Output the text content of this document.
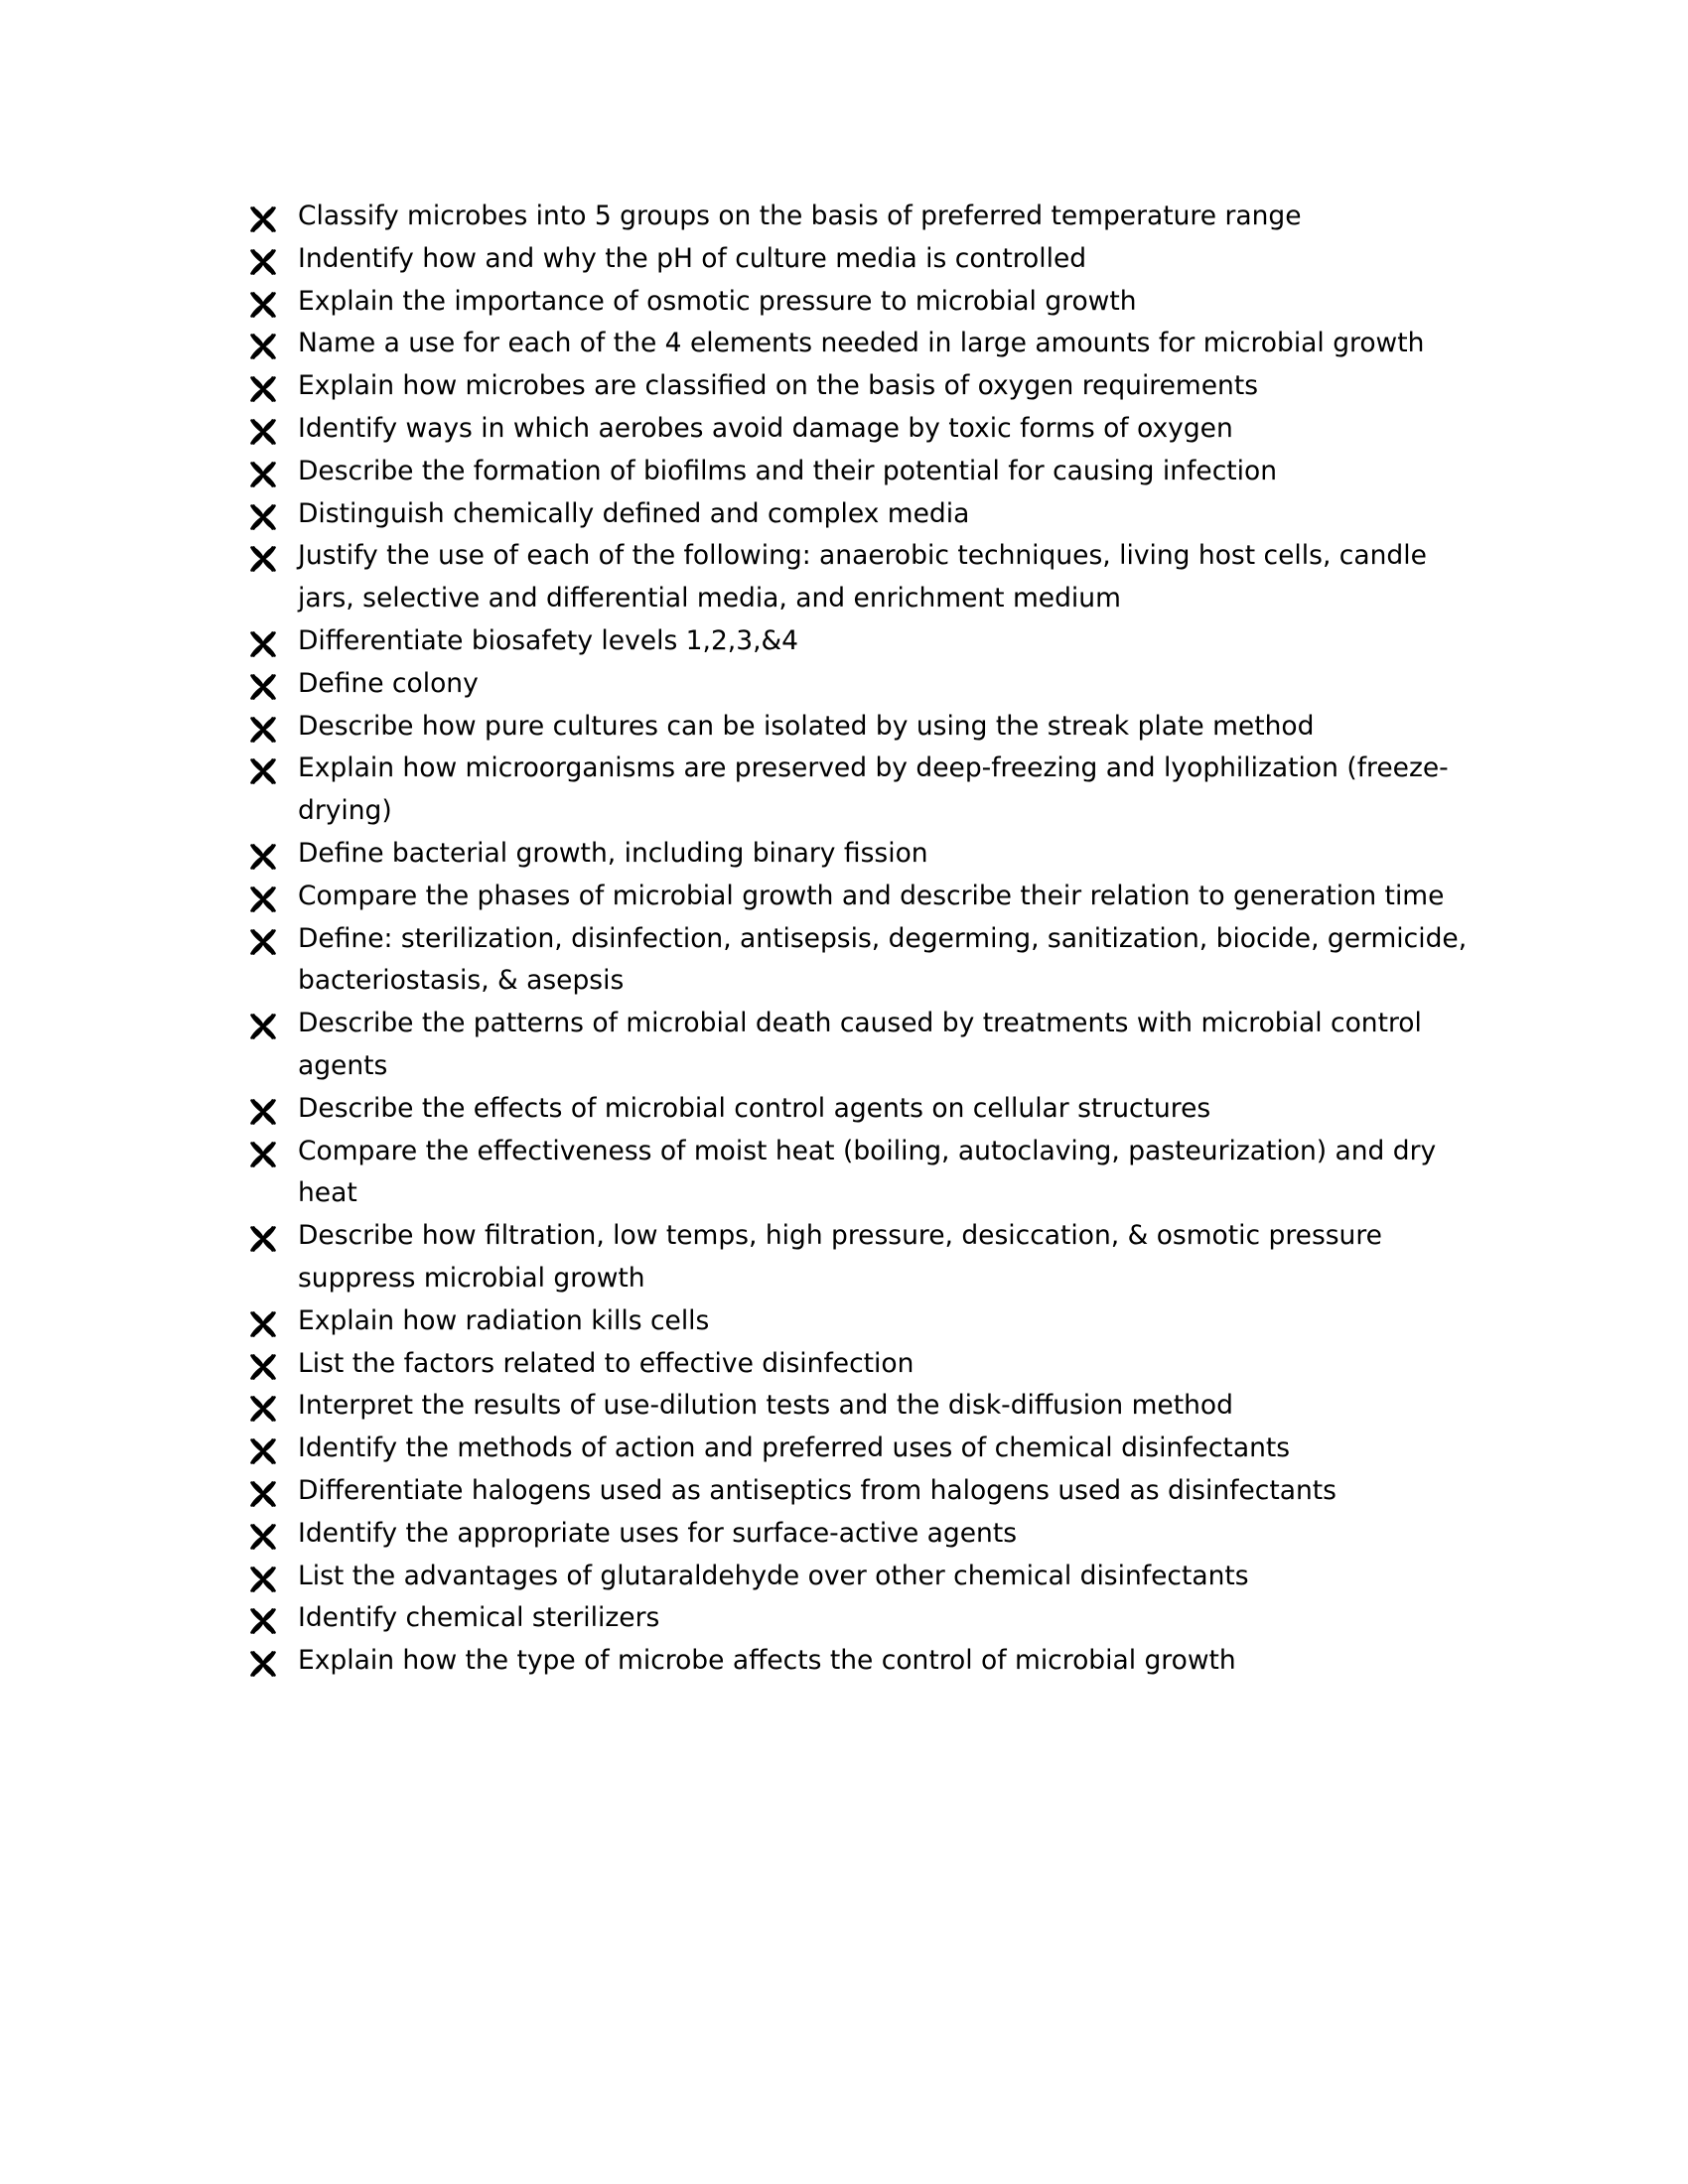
Classify microbes into 5 groups on the basis of preferred temperature range
Indentify how and why the pH of culture media is controlled
Explain the importance of osmotic pressure to microbial growth
Name a use for each of the 4 elements needed in large amounts for microbial growth
Explain how microbes are classified on the basis of oxygen requirements
Identify ways in which aerobes avoid damage by toxic forms of oxygen
Describe the formation of biofilms and their potential for causing infection
Distinguish chemically defined and complex media
Justify the use of each of the following: anaerobic techniques, living host cells, candle jars, selective and differential media, and enrichment medium
Differentiate biosafety levels 1,2,3,&4
Define colony
Describe how pure cultures can be isolated by using the streak plate method
Explain how microorganisms are preserved by deep-freezing and lyophilization (freeze-drying)
Define bacterial growth, including binary fission
Compare the phases of microbial growth and describe their relation to generation time
Define: sterilization, disinfection, antisepsis, degerming, sanitization, biocide, germicide, bacteriostasis, & asepsis
Describe the patterns of microbial death caused by treatments with microbial control agents
Describe the effects of microbial control agents on cellular structures
Compare the effectiveness of moist heat (boiling, autoclaving, pasteurization) and dry heat
Describe how filtration, low temps, high pressure, desiccation, & osmotic pressure suppress microbial growth
Explain how radiation kills cells
List the factors related to effective disinfection
Interpret the results of use-dilution tests and the disk-diffusion method
Identify the methods of action and preferred uses of chemical disinfectants
Differentiate halogens used as antiseptics from halogens used as disinfectants
Identify the appropriate uses for surface-active agents
List the advantages of glutaraldehyde over other chemical disinfectants
Identify chemical sterilizers
Explain how the type of microbe affects the control of microbial growth
